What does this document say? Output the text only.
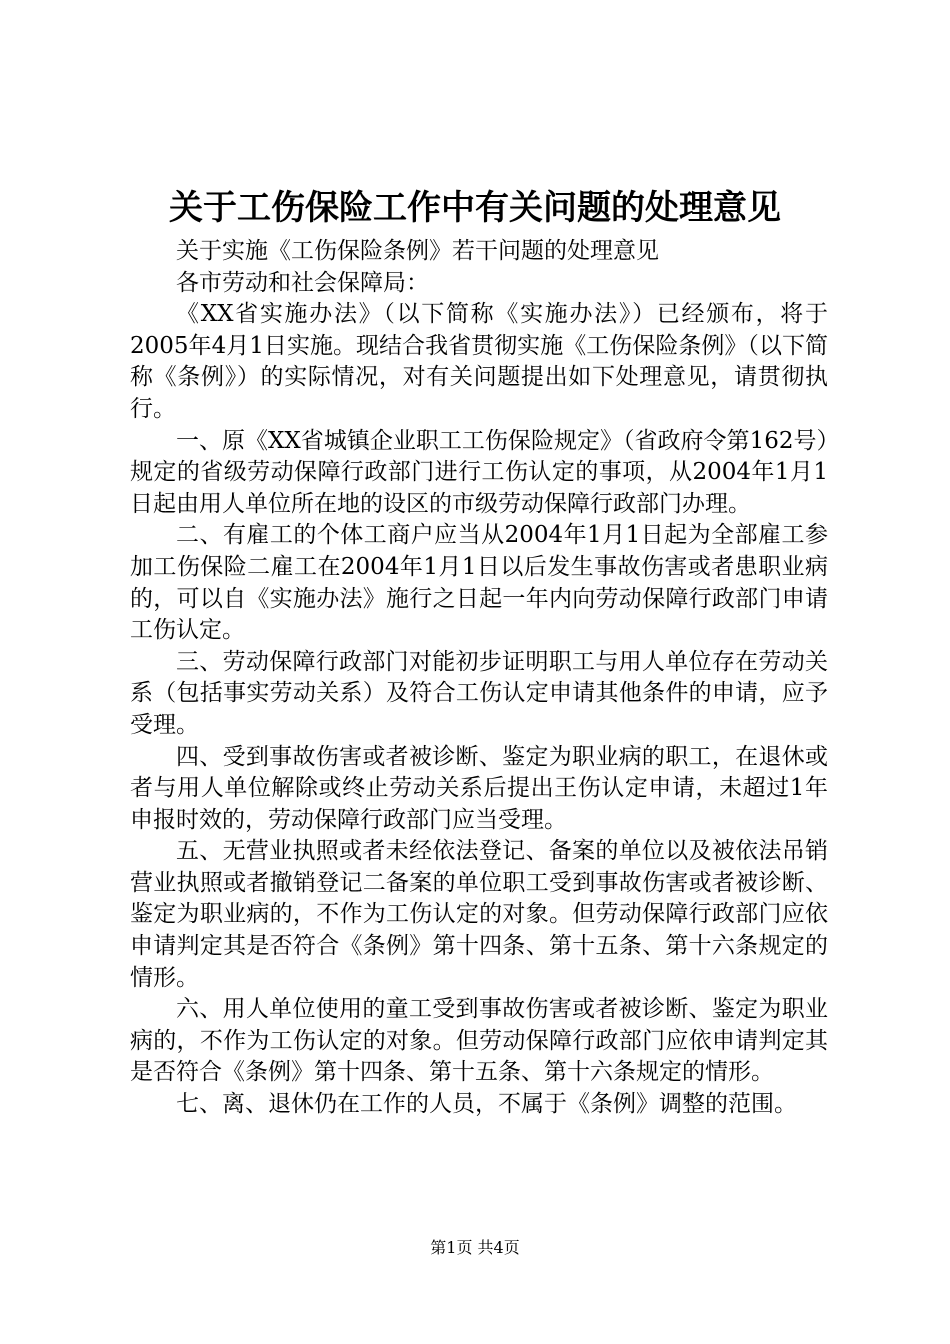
关于工伤保险工作中有关问题的处理意见

关于实施《工伤保险条例》若干问题的处理意见

各市劳动和社会保障局：

《XX省实施办法》（以下简称《实施办法》）已经颁布，将于2005年4月1日实施。现结合我省贯彻实施《工伤保险条例》（以下简称《条例》）的实际情况，对有关问题提出如下处理意见，请贯彻执行。

一、原《XX省城镇企业职工工伤保险规定》（省政府令第162号）规定的省级劳动保障行政部门进行工伤认定的事项，从2004年1月1日起由用人单位所在地的设区的市级劳动保障行政部门办理。

二、有雇工的个体工商户应当从2004年1月1日起为全部雇工参加工伤保险二雇工在2004年1月1日以后发生事故伤害或者患职业病的，可以自《实施办法》施行之日起一年内向劳动保障行政部门申请工伤认定。

三、劳动保障行政部门对能初步证明职工与用人单位存在劳动关系（包括事实劳动关系）及符合工伤认定申请其他条件的申请，应予受理。

四、受到事故伤害或者被诊断、鉴定为职业病的职工，在退休或者与用人单位解除或终止劳动关系后提出王伤认定申请，未超过1年申报时效的，劳动保障行政部门应当受理。

五、无营业执照或者未经依法登记、备案的单位以及被依法吊销营业执照或者撤销登记二备案的单位职工受到事故伤害或者被诊断、鉴定为职业病的，不作为工伤认定的对象。但劳动保障行政部门应依申请判定其是否符合《条例》第十四条、第十五条、第十六条规定的情形。

六、用人单位使用的童工受到事故伤害或者被诊断、鉴定为职业病的，不作为工伤认定的对象。但劳动保障行政部门应依申请判定其是否符合《条例》第十四条、第十五条、第十六条规定的情形。

七、离、退休仍在工作的人员，不属于《条例》调整的范围。

第1页 共4页
